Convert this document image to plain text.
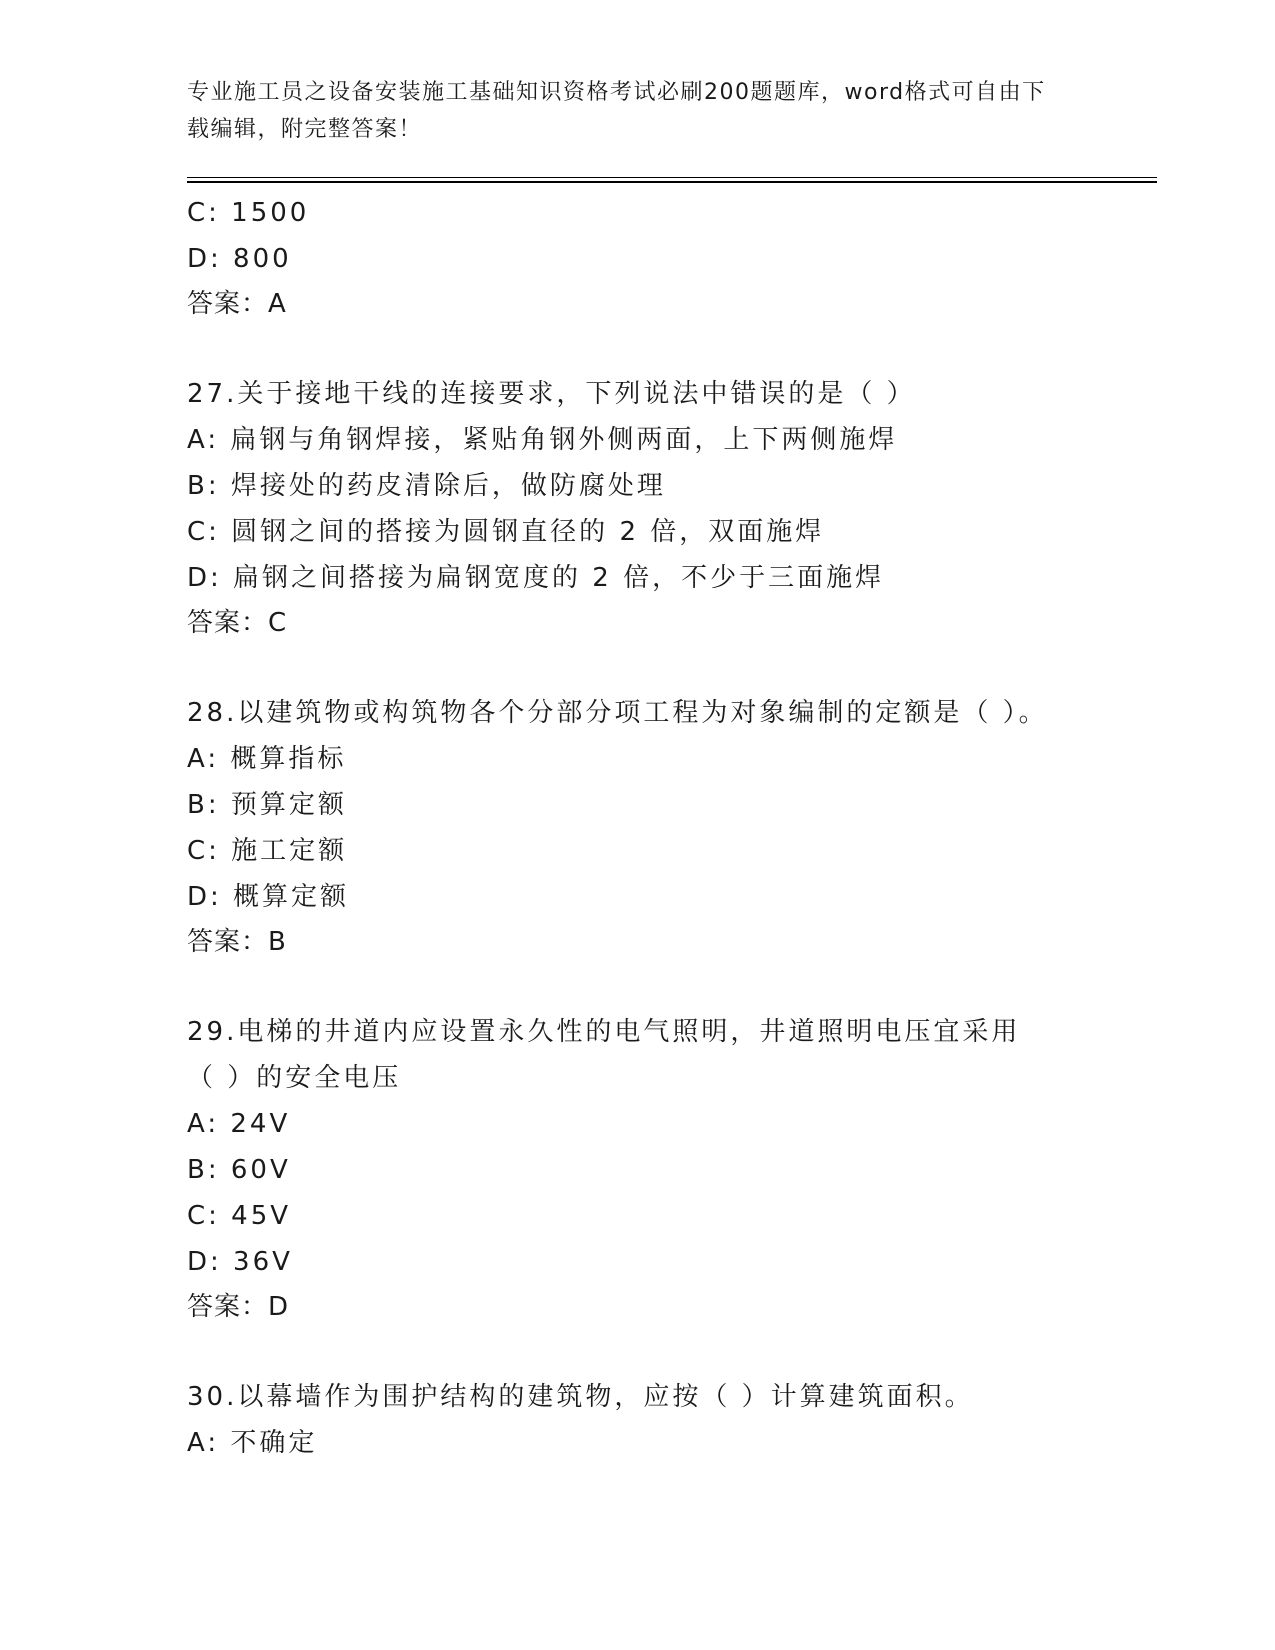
专业施工员之设备安装施工基础知识资格考试必刷200题题库，word格式可自由下载编辑，附完整答案！
C: 1500
D: 800
答案：A
27.关于接地干线的连接要求，下列说法中错误的是（ ）
A: 扁钢与角钢焊接，紧贴角钢外侧两面，上下两侧施焊
B: 焊接处的药皮清除后，做防腐处理
C: 圆钢之间的搭接为圆钢直径的 2 倍，双面施焊
D: 扁钢之间搭接为扁钢宽度的 2 倍，不少于三面施焊
答案：C
28.以建筑物或构筑物各个分部分项工程为对象编制的定额是（ ）。
A: 概算指标
B: 预算定额
C: 施工定额
D: 概算定额
答案：B
29.电梯的井道内应设置永久性的电气照明，井道照明电压宜采用（ ）的安全电压
A: 24V
B: 60V
C: 45V
D: 36V
答案：D
30.以幕墙作为围护结构的建筑物，应按（ ）计算建筑面积。
A: 不确定
